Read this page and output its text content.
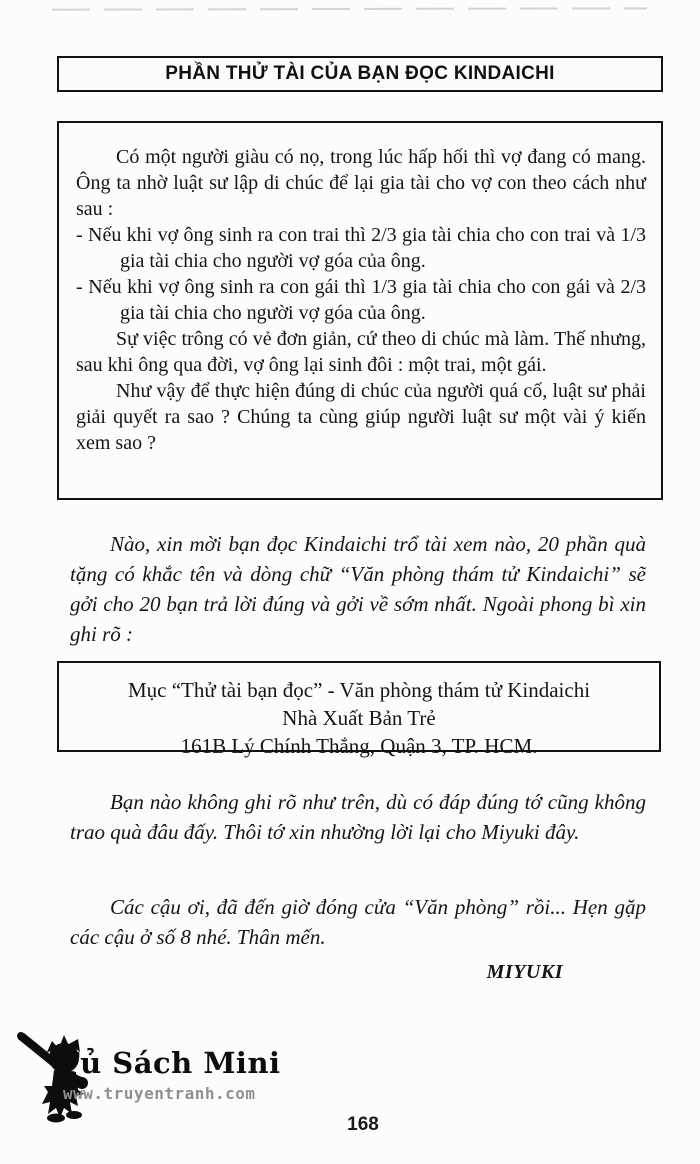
PHẦN THỬ TÀI CỦA BẠN ĐỌC KINDAICHI

Có một người giàu có nọ, trong lúc hấp hối thì vợ đang có mang. Ông ta nhờ luật sư lập di chúc để lại gia tài cho vợ con theo cách như sau :

- Nếu khi vợ ông sinh ra con trai thì 2/3 gia tài chia cho con trai và 1/3 gia tài chia cho người vợ góa của ông.

- Nếu khi vợ ông sinh ra con gái thì 1/3 gia tài chia cho con gái và 2/3 gia tài chia cho người vợ góa của ông.

Sự việc trông có vẻ đơn giản, cứ theo di chúc mà làm. Thế nhưng, sau khi ông qua đời, vợ ông lại sinh đôi : một trai, một gái.

Như vậy để thực hiện đúng di chúc của người quá cố, luật sư phải giải quyết ra sao ? Chúng ta cùng giúp người luật sư một vài ý kiến xem sao ?

Nào, xin mời bạn đọc Kindaichi trổ tài xem nào, 20 phần quà tặng có khắc tên và dòng chữ “Văn phòng thám tử Kindaichi” sẽ gởi cho 20 bạn trả lời đúng và gởi về sớm nhất. Ngoài phong bì xin ghi rõ :

Mục “Thử tài bạn đọc” - Văn phòng thám tử Kindaichi
Nhà Xuất Bản Trẻ
161B Lý Chính Thắng, Quận 3, TP. HCM.

Bạn nào không ghi rõ như trên, dù có đáp đúng tớ cũng không trao quà đâu đấy. Thôi tớ xin nhường lời lại cho Miyuki đây.

Các cậu ơi, đã đến giờ đóng cửa “Văn phòng” rồi... Hẹn gặp các cậu ở số 8 nhé. Thân mến.

MIYUKI
Tủ Sách Mini
www.truyentranh.com
168
